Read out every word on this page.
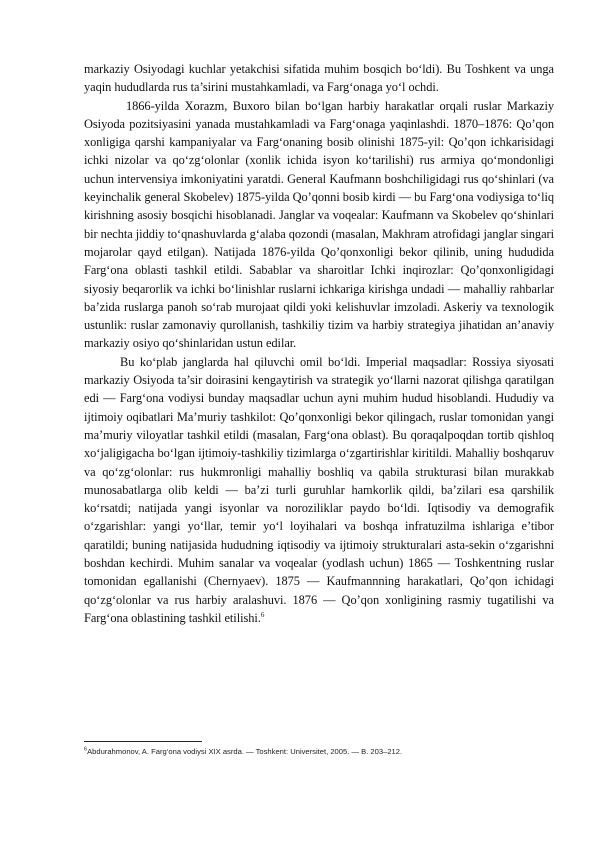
markaziy Osiyodagi kuchlar yetakchisi sifatida muhim bosqich bo‘ldi). Bu Toshkent va unga yaqin hududlarda rus ta’sirini mustahkamladi, va Farg‘onaga yo‘l ochdi.

1866-yilda Xorazm, Buxoro bilan bo‘lgan harbiy harakatlar orqali ruslar Markaziy Osiyoda pozitsiyasini yanada mustahkamladi va Farg‘onaga yaqinlashdi. 1870–1876: Qo’qon xonligiga qarshi kampaniyalar va Farg‘onaning bosib olinishi 1875-yil: Qo’qon ichkarisidagi ichki nizolar va qo‘zg‘olonlar (xonlik ichida isyon ko‘tarilishi) rus armiya qo‘mondonligi uchun intervensiya imkoniyatini yaratdi. General Kaufmann boshchiligidagi rus qo‘shinlari (va keyinchalik general Skobelev) 1875-yilda Qo’qonni bosib kirdi — bu Farg‘ona vodiysiga to‘liq kirishning asosiy bosqichi hisoblanadi. Janglar va voqealar: Kaufmann va Skobelev qo‘shinlari bir nechta jiddiy to‘qnashuvlarda g‘alaba qozondi (masalan, Makhram atrofidagi janglar singari mojarolar qayd etilgan). Natijada 1876-yilda Qo’qonxonligi bekor qilinib, uning hududida Farg‘ona oblasti tashkil etildi. Sabablar va sharoitlar Ichki inqirozlar: Qo’qonxonligidagi siyosiy beqarorlik va ichki bo‘linishlar ruslarni ichkariga kirishga undadi — mahalliy rahbarlar ba’zida ruslarga panoh so‘rab murojaat qildi yoki kelishuvlar imzoladi. Askeriy va texnologik ustunlik: ruslar zamonaviy qurollanish, tashkiliy tizim va harbiy strategiya jihatidan an’anaviy markaziy osiyo qo‘shinlaridan ustun edilar.

Bu ko‘plab janglarda hal qiluvchi omil bo‘ldi. Imperial maqsadlar: Rossiya siyosati markaziy Osiyoda ta’sir doirasini kengaytirish va strategik yo‘llarni nazorat qilishga qaratilgan edi — Farg‘ona vodiysi bunday maqsadlar uchun ayni muhim hudud hisoblandi. Hududiy va ijtimoiy oqibatlari Ma’muriy tashkilot: Qo’qonxonligi bekor qilingach, ruslar tomonidan yangi ma’muriy viloyatlar tashkil etildi (masalan, Farg‘ona oblast). Bu qoraqalpoqdan tortib qishloq xo‘jaligigacha bo‘lgan ijtimoiy-tashkiliy tizimlarga o‘zgartirishlar kiritildi. Mahalliy boshqaruv va qo‘zg‘olonlar: rus hukmronligi mahalliy boshliq va qabila strukturasi bilan murakkab munosabatlarga olib keldi — ba’zi turli guruhlar hamkorlik qildi, ba’zilari esa qarshilik ko‘rsatdi; natijada yangi isyonlar va noroziliklar paydo bo‘ldi. Iqtisodiy va demografik o‘zgarishlar: yangi yo‘llar, temir yo‘l loyihalari va boshqa infratuzilma ishlariga e’tibor qaratildi; buning natijasida hududning iqtisodiy va ijtimoiy strukturalari asta-sekin o‘zgarishni boshdan kechirdi. Muhim sanalar va voqealar (yodlash uchun) 1865 — Toshkentning ruslar tomonidan egallanishi (Chernyaev). 1875 — Kaufmannning harakatlari, Qo’qon ichidagi qo‘zg‘olonlar va rus harbiy aralashuvi. 1876 — Qo’qon xonligining rasmiy tugatilishi va Farg‘ona oblastining tashkil etilishi.$^6$

$^6$Abdurahmonov, A. Farg‘ona vodiysi XIX asrda. — Toshkent: Universitet, 2005. — B. 203–212.
